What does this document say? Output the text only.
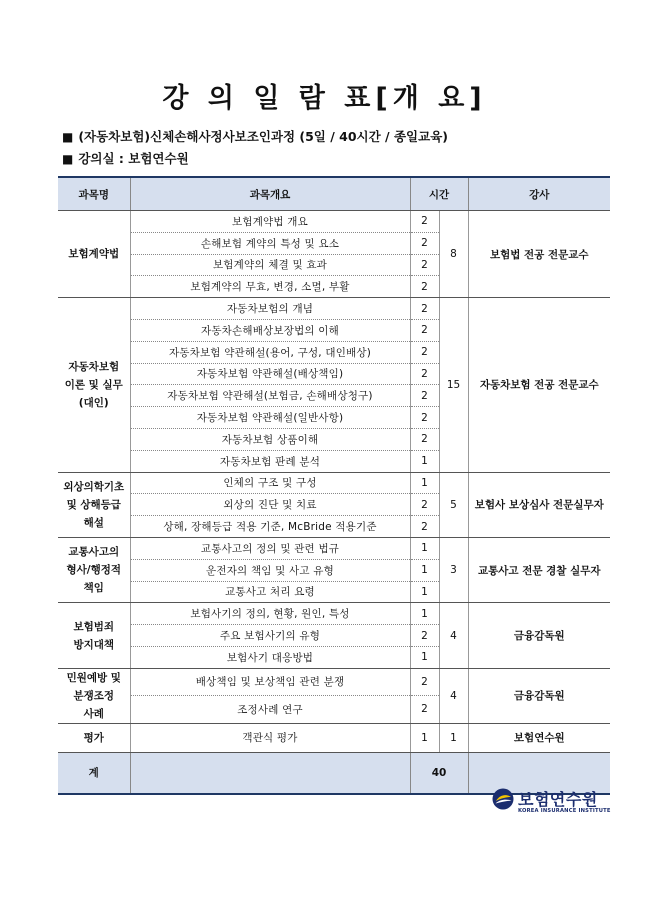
강 의 일 람 표[개 요]
■ (자동차보험)신체손해사정사보조인과정 (5일 / 40시간 / 종일교육)
■ 강의실 : 보험연수원
과목명	과목개요	시간		강사

보험계약법	보험계약법 개요	2	8	보험법 전공 전문교수
	손해보험 계약의 특성 및 요소	2		
	보험계약의 체결 및 효과	2		
	보험계약의 무효, 변경, 소멸, 부활	2		

자동차보험
이론 및 실무
(대인)	자동차보험의 개념	2	15	자동차보험 전공 전문교수
	자동차손해배상보장법의 이해	2		
	자동차보험 약관해설(용어, 구성, 대인배상)	2		
	자동차보험 약관해설(배상책임)	2		
	자동차보험 약관해설(보험금, 손해배상청구)	2		
	자동차보험 약관해설(일반사항)	2		
	자동차보험 상품이해	2		
	자동차보험 판례 분석	1		

외상의학기초
및 상해등급
해설	인체의 구조 및 구성	1	5	보험사 보상심사 전문실무자
	외상의 진단 및 치료	2		
	상해, 장해등급 적용 기준, McBride 적용기준	2		

교통사고의
형사/행정적
책임	교통사고의 정의 및 관련 법규	1	3	교통사고 전문 경찰 실무자
	운전자의 책임 및 사고 유형	1		
	교통사고 처리 요령	1		

보험범죄
방지대책	보험사기의 정의, 현황, 원인, 특성	1	4	금융감독원
	주요 보험사기의 유형	2		
	보험사기 대응방법	1		

민원예방 및
분쟁조정
사례	배상책임 및 보상책임 관련 분쟁	2	4	금융감독원
	조정사례 연구	2		

평가	객관식 평가	1	1	보험연수원
계		40		
보험연수원
KOREA INSURANCE INSTITUTE
